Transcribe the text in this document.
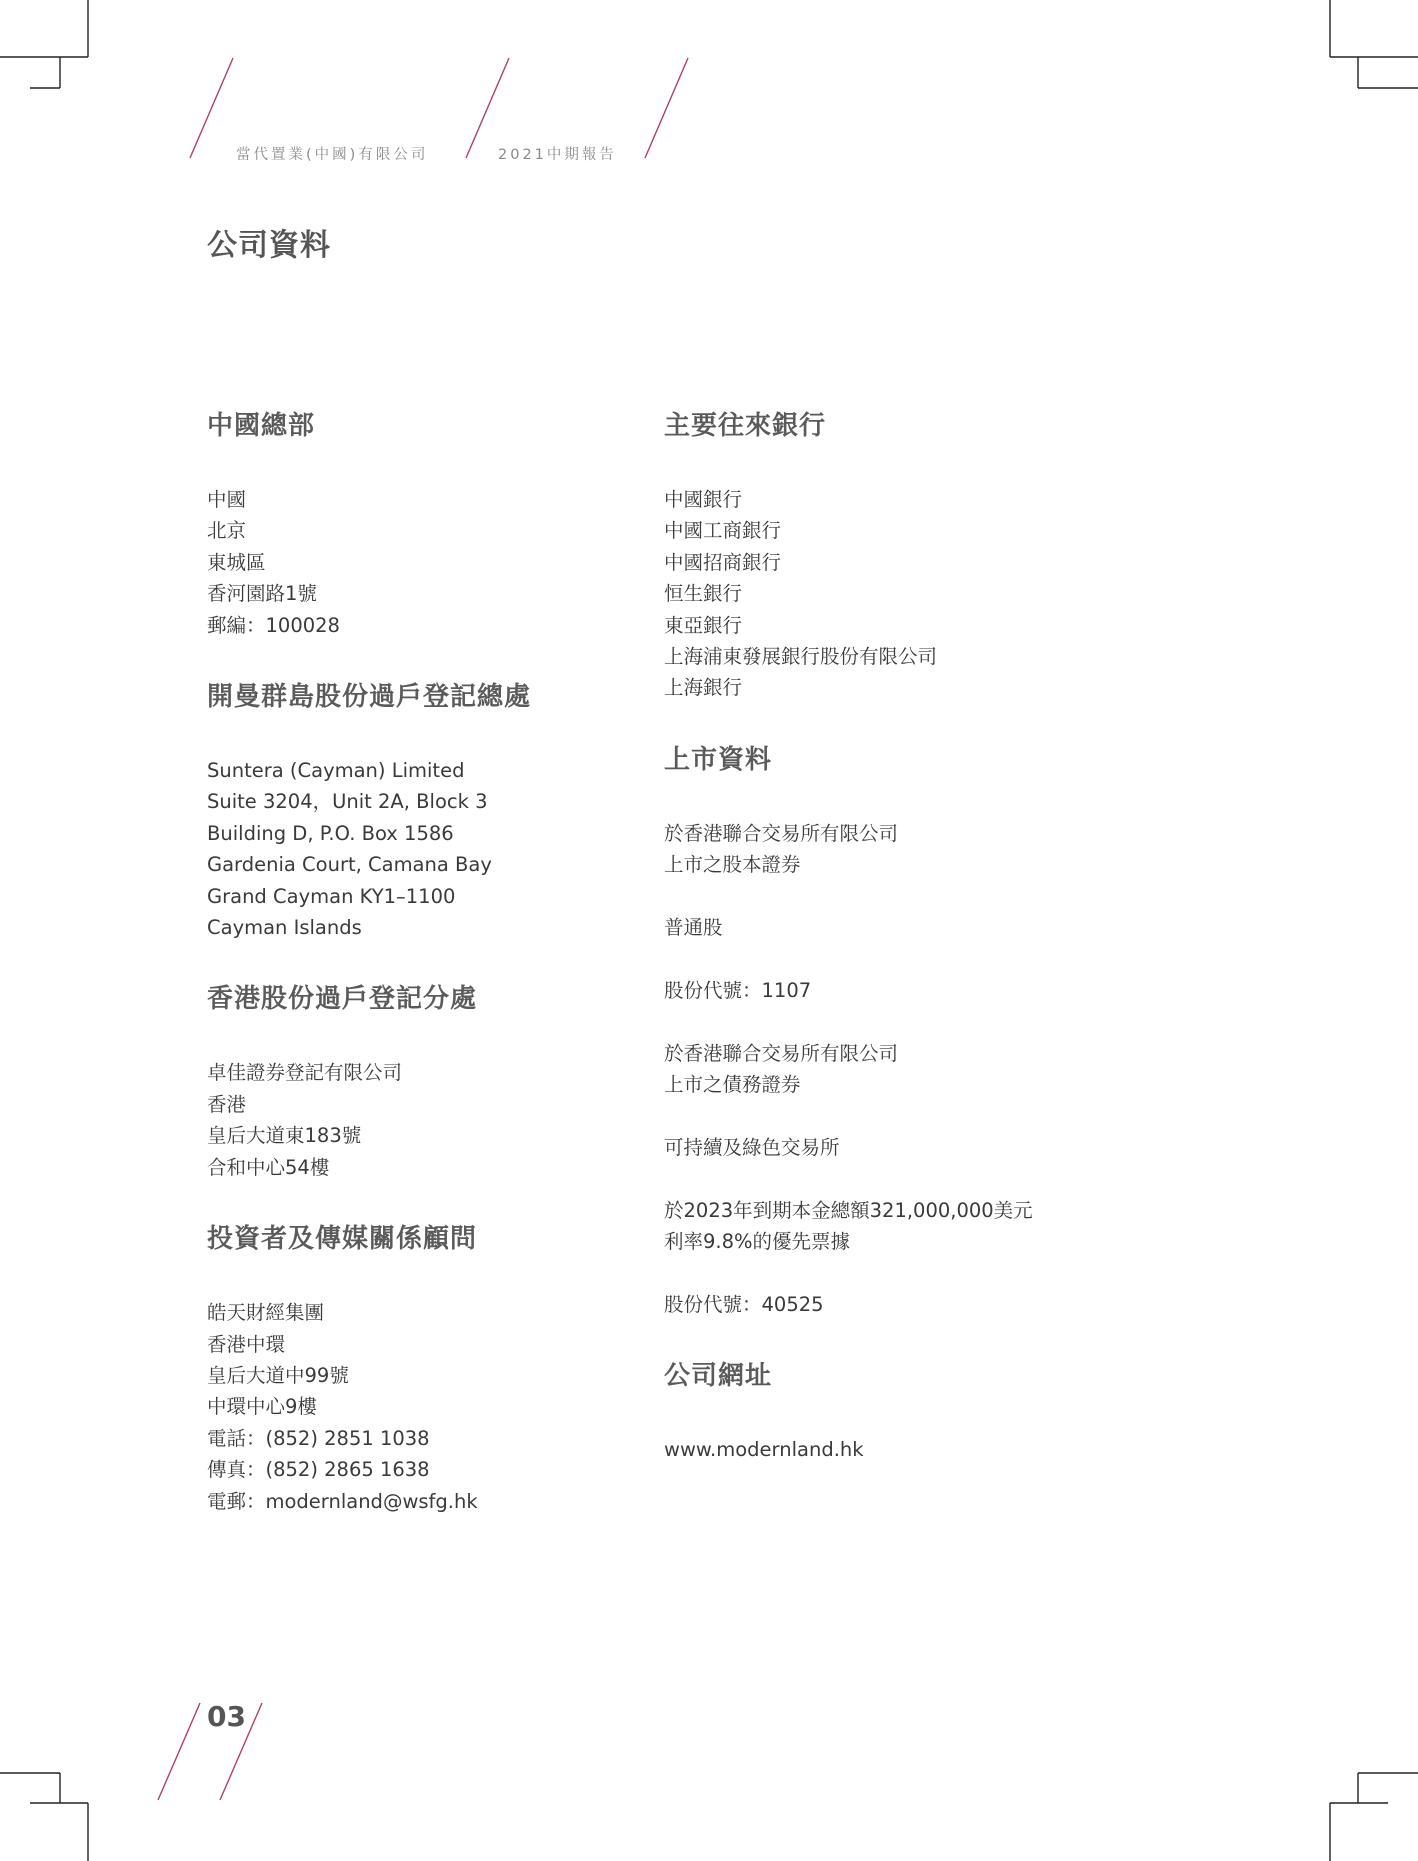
當代置業(中國)有限公司	2021中期報告
公司資料
中國總部
中國
北京
東城區
香河園路1號
郵編：100028
開曼群島股份過戶登記總處
Suntera (Cayman) Limited
Suite 3204，Unit 2A, Block 3
Building D, P.O. Box 1586
Gardenia Court, Camana Bay
Grand Cayman KY1–1100
Cayman Islands
香港股份過戶登記分處
卓佳證券登記有限公司
香港
皇后大道東183號
合和中心54樓
投資者及傳媒關係顧問
皓天財經集團
香港中環
皇后大道中99號
中環中心9樓
電話：(852) 2851 1038
傳真：(852) 2865 1638
電郵：modernland@wsfg.hk
主要往來銀行
中國銀行
中國工商銀行
中國招商銀行
恒生銀行
東亞銀行
上海浦東發展銀行股份有限公司
上海銀行
上市資料
於香港聯合交易所有限公司
上市之股本證券
普通股
股份代號：1107
於香港聯合交易所有限公司
上市之債務證券
可持續及綠色交易所
於2023年到期本金總額321,000,000美元
利率9.8%的優先票據
股份代號：40525
公司網址
www.modernland.hk
03
